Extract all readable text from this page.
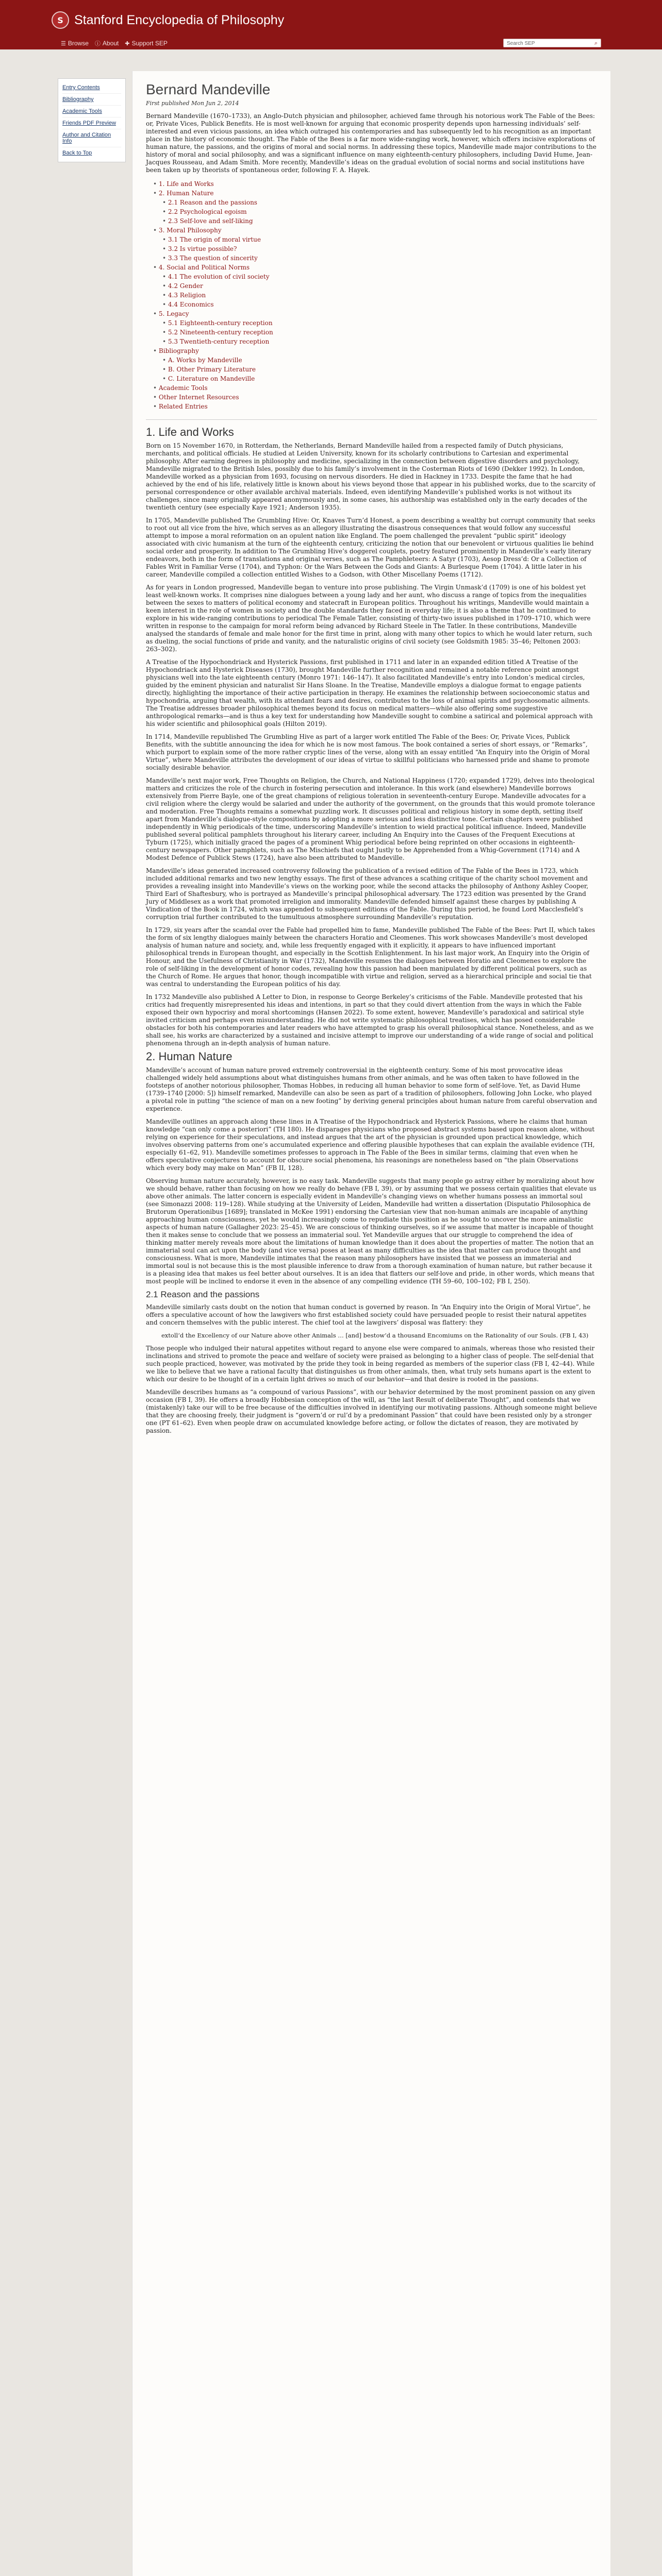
S Stanford Encyclopedia of Philosophy
☰ Browse ⓘ About ✚ Support SEP	Search SEP	⌕
Entry Contents
Bibliography
Academic Tools
Friends PDF Preview
Author and Citation Info
Back to Top
Bernard Mandeville
First published Mon Jun 2, 2014

Bernard Mandeville (1670–1733), an Anglo-Dutch physician and philosopher, achieved fame through his notorious work The Fable of the Bees: or, Private Vices, Publick Benefits. He is most well-known for arguing that economic prosperity depends upon harnessing individuals’ self-interested and even vicious passions, an idea which outraged his contemporaries and has subsequently led to his recognition as an important place in the history of economic thought. The Fable of the Bees is a far more wide-ranging work, however, which offers incisive explorations of human nature, the passions, and the origins of moral and social norms. In addressing these topics, Mandeville made major contributions to the history of moral and social philosophy, and was a significant influence on many eighteenth-century philosophers, including David Hume, Jean-Jacques Rousseau, and Adam Smith. More recently, Mandeville’s ideas on the gradual evolution of social norms and social institutions have been taken up by theorists of spontaneous order, following F. A. Hayek.

• 1. Life and Works
• 2. Human Nature
• 2.1 Reason and the passions
• 2.2 Psychological egoism
• 2.3 Self-love and self-liking
• 3. Moral Philosophy
• 3.1 The origin of moral virtue
• 3.2 Is virtue possible?
• 3.3 The question of sincerity
• 4. Social and Political Norms
• 4.1 The evolution of civil society
• 4.2 Gender
• 4.3 Religion
• 4.4 Economics
• 5. Legacy
• 5.1 Eighteenth-century reception
• 5.2 Nineteenth-century reception
• 5.3 Twentieth-century reception
• Bibliography
• A. Works by Mandeville
• B. Other Primary Literature
• C. Literature on Mandeville
• Academic Tools
• Other Internet Resources
• Related Entries
1. Life and Works

Born on 15 November 1670, in Rotterdam, the Netherlands, Bernard Mandeville hailed from a respected family of Dutch physicians, merchants, and political officials. He studied at Leiden University, known for its scholarly contributions to Cartesian and experimental philosophy. After earning degrees in philosophy and medicine, specializing in the connection between digestive disorders and psychology, Mandeville migrated to the British Isles, possibly due to his family’s involvement in the Costerman Riots of 1690 (Dekker 1992). In London, Mandeville worked as a physician from 1693, focusing on nervous disorders. He died in Hackney in 1733. Despite the fame that he had achieved by the end of his life, relatively little is known about his views beyond those that appear in his published works, due to the scarcity of personal correspondence or other available archival materials. Indeed, even identifying Mandeville’s published works is not without its challenges, since many originally appeared anonymously and, in some cases, his authorship was established only in the early decades of the twentieth century (see especially Kaye 1921; Anderson 1935).

In 1705, Mandeville published The Grumbling Hive: Or, Knaves Turn’d Honest, a poem describing a wealthy but corrupt community that seeks to root out all vice from the hive, which serves as an allegory illustrating the disastrous consequences that would follow any successful attempt to impose a moral reformation on an opulent nation like England. The poem challenged the prevalent “public spirit” ideology associated with civic humanism at the turn of the eighteenth century, criticizing the notion that our benevolent or virtuous qualities lie behind social order and prosperity. In addition to The Grumbling Hive’s doggerel couplets, poetry featured prominently in Mandeville’s early literary endeavors, both in the form of translations and original verses, such as The Pamphleteers: A Satyr (1703), Aesop Dress’d: Or a Collection of Fables Writ in Familiar Verse (1704), and Typhon: Or the Wars Between the Gods and Giants: A Burlesque Poem (1704). A little later in his career, Mandeville compiled a collection entitled Wishes to a Godson, with Other Miscellany Poems (1712).

As for years in London progressed, Mandeville began to venture into prose publishing. The Virgin Unmask’d (1709) is one of his boldest yet least well-known works. It comprises nine dialogues between a young lady and her aunt, who discuss a range of topics from the inequalities between the sexes to matters of political economy and statecraft in European politics. Throughout his writings, Mandeville would maintain a keen interest in the role of women in society and the double standards they faced in everyday life; it is also a theme that he continued to explore in his wide-ranging contributions to periodical The Female Tatler, consisting of thirty-two issues published in 1709–1710, which were written in response to the campaign for moral reform being advanced by Richard Steele in The Tatler. In these contributions, Mandeville analysed the standards of female and male honor for the first time in print, along with many other topics to which he would later return, such as dueling, the social functions of pride and vanity, and the naturalistic origins of civil society (see Goldsmith 1985: 35–46; Peltonen 2003: 263–302).

A Treatise of the Hypochondriack and Hysterick Passions, first published in 1711 and later in an expanded edition titled A Treatise of the Hypochondriack and Hysterick Diseases (1730), brought Mandeville further recognition and remained a notable reference point amongst physicians well into the late eighteenth century (Monro 1971: 146–147). It also facilitated Mandeville’s entry into London’s medical circles, guided by the eminent physician and naturalist Sir Hans Sloane. In the Treatise, Mandeville employs a dialogue format to engage patients directly, highlighting the importance of their active participation in therapy. He examines the relationship between socioeconomic status and hypochondria, arguing that wealth, with its attendant fears and desires, contributes to the loss of animal spirits and psychosomatic ailments. The Treatise addresses broader philosophical themes beyond its focus on medical matters—while also offering some suggestive anthropological remarks—and is thus a key text for understanding how Mandeville sought to combine a satirical and polemical approach with his wider scientific and philosophical goals (Hilton 2019).

In 1714, Mandeville republished The Grumbling Hive as part of a larger work entitled The Fable of the Bees: Or, Private Vices, Publick Benefits, with the subtitle announcing the idea for which he is now most famous. The book contained a series of short essays, or “Remarks”, which purport to explain some of the more rather cryptic lines of the verse, along with an essay entitled “An Enquiry into the Origin of Moral Virtue”, where Mandeville attributes the development of our ideas of virtue to skillful politicians who harnessed pride and shame to promote socially desirable behavior.

Mandeville’s next major work, Free Thoughts on Religion, the Church, and National Happiness (1720; expanded 1729), delves into theological matters and criticizes the role of the church in fostering persecution and intolerance. In this work (and elsewhere) Mandeville borrows extensively from Pierre Bayle, one of the great champions of religious toleration in seventeenth-century Europe. Mandeville advocates for a civil religion where the clergy would be salaried and under the authority of the government, on the grounds that this would promote tolerance and moderation. Free Thoughts remains a somewhat puzzling work. It discusses political and religious history in some depth, setting itself apart from Mandeville’s dialogue-style compositions by adopting a more serious and less distinctive tone. Certain chapters were published independently in Whig periodicals of the time, underscoring Mandeville’s intention to wield practical political influence. Indeed, Mandeville published several political pamphlets throughout his literary career, including An Enquiry into the Causes of the Frequent Executions at Tyburn (1725), which initially graced the pages of a prominent Whig periodical before being reprinted on other occasions in eighteenth-century newspapers. Other pamphlets, such as The Mischiefs that ought Justly to be Apprehended from a Whig-Government (1714) and A Modest Defence of Publick Stews (1724), have also been attributed to Mandeville.

Mandeville’s ideas generated increased controversy following the publication of a revised edition of The Fable of the Bees in 1723, which included additional remarks and two new lengthy essays. The first of these advances a scathing critique of the charity school movement and provides a revealing insight into Mandeville’s views on the working poor, while the second attacks the philosophy of Anthony Ashley Cooper, Third Earl of Shaftesbury, who is portrayed as Mandeville’s principal philosophical adversary. The 1723 edition was presented by the Grand Jury of Middlesex as a work that promoted irreligion and immorality. Mandeville defended himself against these charges by publishing A Vindication of the Book in 1724, which was appended to subsequent editions of the Fable. During this period, he found Lord Macclesfield’s corruption trial further contributed to the tumultuous atmosphere surrounding Mandeville’s reputation.

In 1729, six years after the scandal over the Fable had propelled him to fame, Mandeville published The Fable of the Bees: Part II, which takes the form of six lengthy dialogues mainly between the characters Horatio and Cleomenes. This work showcases Mandeville’s most developed analysis of human nature and society, and, while less frequently engaged with it explicitly, it appears to have influenced important philosophical trends in European thought, and especially in the Scottish Enlightenment. In his last major work, An Enquiry into the Origin of Honour, and the Usefulness of Christianity in War (1732), Mandeville resumes the dialogues between Horatio and Cleomenes to explore the role of self-liking in the development of honor codes, revealing how this passion had been manipulated by different political powers, such as the Church of Rome. He argues that honor, though incompatible with virtue and religion, served as a hierarchical principle and social tie that was central to understanding the European politics of his day.

In 1732 Mandeville also published A Letter to Dion, in response to George Berkeley’s criticisms of the Fable. Mandeville protested that his critics had frequently misrepresented his ideas and intentions, in part so that they could divert attention from the ways in which the Fable exposed their own hypocrisy and moral shortcomings (Hansen 2022). To some extent, however, Mandeville’s paradoxical and satirical style invited criticism and perhaps even misunderstanding. He did not write systematic philosophical treatises, which has posed considerable obstacles for both his contemporaries and later readers who have attempted to grasp his overall philosophical stance. Nonetheless, and as we shall see, his works are characterized by a sustained and incisive attempt to improve our understanding of a wide range of social and political phenomena through an in-depth analysis of human nature.

2. Human Nature

Mandeville’s account of human nature proved extremely controversial in the eighteenth century. Some of his most provocative ideas challenged widely held assumptions about what distinguishes humans from other animals, and he was often taken to have followed in the footsteps of another notorious philosopher, Thomas Hobbes, in reducing all human behavior to some form of self-love. Yet, as David Hume (1739–1740 [2000: 5]) himself remarked, Mandeville can also be seen as part of a tradition of philosophers, following John Locke, who played a pivotal role in putting “the science of man on a new footing” by deriving general principles about human nature from careful observation and experience.

Mandeville outlines an approach along these lines in A Treatise of the Hypochondriack and Hysterick Passions, where he claims that human knowledge “can only come a posteriori” (TH 180). He disparages physicians who proposed abstract systems based upon reason alone, without relying on experience for their speculations, and instead argues that the art of the physician is grounded upon practical knowledge, which involves observing patterns from one’s accumulated experience and offering plausible hypotheses that can explain the available evidence (TH, especially 61–62, 91). Mandeville sometimes professes to approach in The Fable of the Bees in similar terms, claiming that even when he offers speculative conjectures to account for obscure social phenomena, his reasonings are nonetheless based on “the plain Observations which every body may make on Man” (FB II, 128).

Observing human nature accurately, however, is no easy task. Mandeville suggests that many people go astray either by moralizing about how we should behave, rather than focusing on how we really do behave (FB I, 39), or by assuming that we possess certain qualities that elevate us above other animals. The latter concern is especially evident in Mandeville’s changing views on whether humans possess an immortal soul (see Simonazzi 2008: 119–128). While studying at the University of Leiden, Mandeville had written a dissertation (Disputatio Philosophica de Brutorum Operationibus [1689]; translated in McKee 1991) endorsing the Cartesian view that non-human animals are incapable of anything approaching human consciousness, yet he would increasingly come to repudiate this position as he sought to uncover the more animalistic aspects of human nature (Gallagher 2023: 25–45). We are conscious of thinking ourselves, so if we assume that matter is incapable of thought then it makes sense to conclude that we possess an immaterial soul. Yet Mandeville argues that our struggle to comprehend the idea of thinking matter merely reveals more about the limitations of human knowledge than it does about the properties of matter. The notion that an immaterial soul can act upon the body (and vice versa) poses at least as many difficulties as the idea that matter can produce thought and consciousness. What is more, Mandeville intimates that the reason many philosophers have insisted that we possess an immaterial and immortal soul is not because this is the most plausible inference to draw from a thorough examination of human nature, but rather because it is a pleasing idea that makes us feel better about ourselves. It is an idea that flatters our self-love and pride, in other words, which means that most people will be inclined to endorse it even in the absence of any compelling evidence (TH 59–60, 100–102; FB I, 250).

2.1 Reason and the passions

Mandeville similarly casts doubt on the notion that human conduct is governed by reason. In “An Enquiry into the Origin of Moral Virtue”, he offers a speculative account of how the lawgivers who first established society could have persuaded people to resist their natural appetites and concern themselves with the public interest. The chief tool at the lawgivers’ disposal was flattery: they

extoll’d the Excellency of our Nature above other Animals … [and] bestow’d a thousand Encomiums on the Rationality of our Souls. (FB I, 43)

Those people who indulged their natural appetites without regard to anyone else were compared to animals, whereas those who resisted their inclinations and strived to promote the peace and welfare of society were praised as belonging to a higher class of people. The self-denial that such people practiced, however, was motivated by the pride they took in being regarded as members of the superior class (FB I, 42–44). While we like to believe that we have a rational faculty that distinguishes us from other animals, then, what truly sets humans apart is the extent to which our desire to be thought of in a certain light drives so much of our behavior—and that desire is rooted in the passions.

Mandeville describes humans as “a compound of various Passions”, with our behavior determined by the most prominent passion on any given occasion (FB I, 39). He offers a broadly Hobbesian conception of the will, as “the last Result of deliberate Thought”, and contends that we (mistakenly) take our will to be free because of the difficulties involved in identifying our motivating passions. Although someone might believe that they are choosing freely, their judgment is “govern’d or rul’d by a predominant Passion” that could have been resisted only by a stronger one (PT 61–62). Even when people draw on accumulated knowledge before acting, or follow the dictates of reason, they are motivated by passion.
